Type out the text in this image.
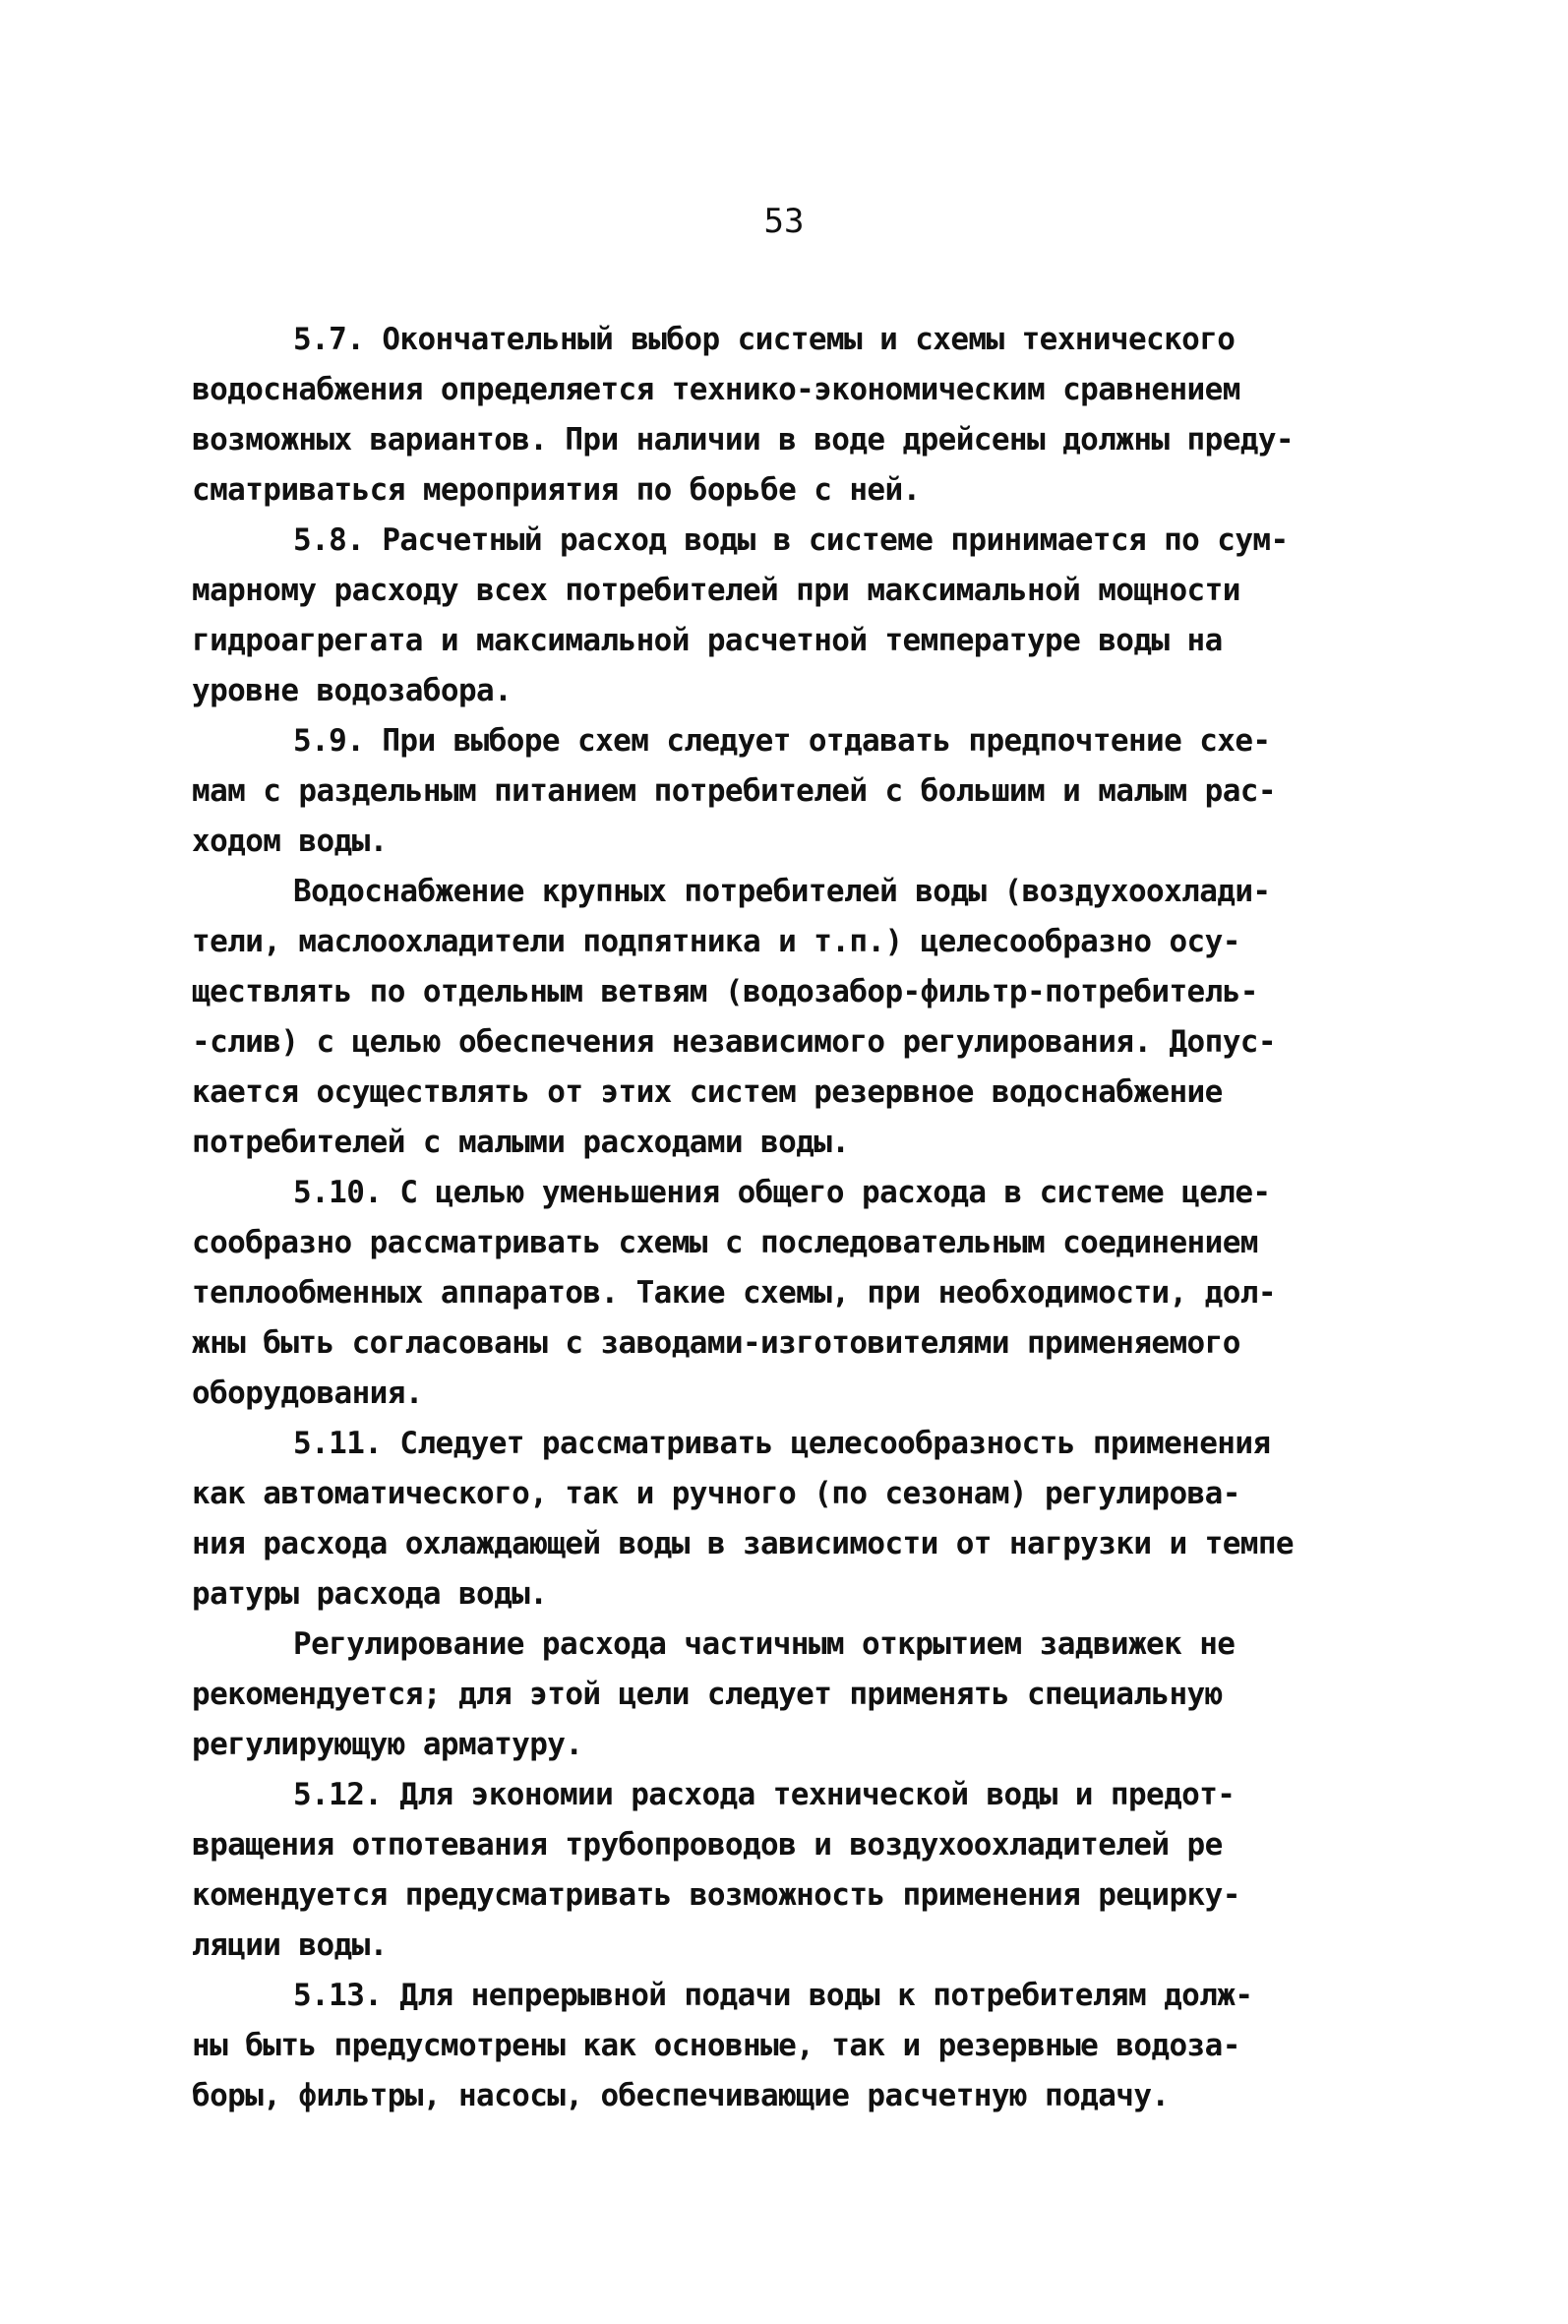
53
5.7. Окончательный выбор системы и схемы технического
водоснабжения определяется технико-экономическим сравнением
возможных вариантов. При наличии в воде дрейсены должны преду-
сматриваться мероприятия по борьбе с ней.
5.8. Расчетный расход воды в системе принимается по сум-
марному расходу всех потребителей при максимальной мощности
гидроагрегата и максимальной расчетной температуре воды на
уровне водозабора.
5.9. При выборе схем следует отдавать предпочтение схе-
мам с раздельным питанием потребителей с большим и малым рас-
ходом воды.
Водоснабжение крупных потребителей воды (воздухоохлади-
тели, маслоохладители подпятника и т.п.) целесообразно осу-
ществлять по отдельным ветвям (водозабор-фильтр-потребитель-
-слив) с целью обеспечения независимого регулирования. Допус-
кается осуществлять от этих систем резервное водоснабжение
потребителей с малыми расходами воды.
5.10. С целью уменьшения общего расхода в системе целе-
сообразно рассматривать схемы с последовательным соединением
теплообменных аппаратов. Такие схемы, при необходимости, дол-
жны быть согласованы с заводами-изготовителями применяемого
оборудования.
5.11. Следует рассматривать целесообразность применения
как автоматического, так и ручного (по сезонам) регулирова-
ния расхода охлаждающей воды в зависимости от нагрузки и темпе
ратуры расхода воды.
Регулирование расхода частичным открытием задвижек не
рекомендуется; для этой цели следует применять специальную
регулирующую арматуру.
5.12. Для экономии расхода технической воды и предот-
вращения отпотевания трубопроводов и воздухоохладителей ре
комендуется предусматривать возможность применения рецирку-
ляции воды.
5.13. Для непрерывной подачи воды к потребителям долж-
ны быть предусмотрены как основные, так и резервные водоза-
боры, фильтры, насосы, обеспечивающие расчетную подачу.
